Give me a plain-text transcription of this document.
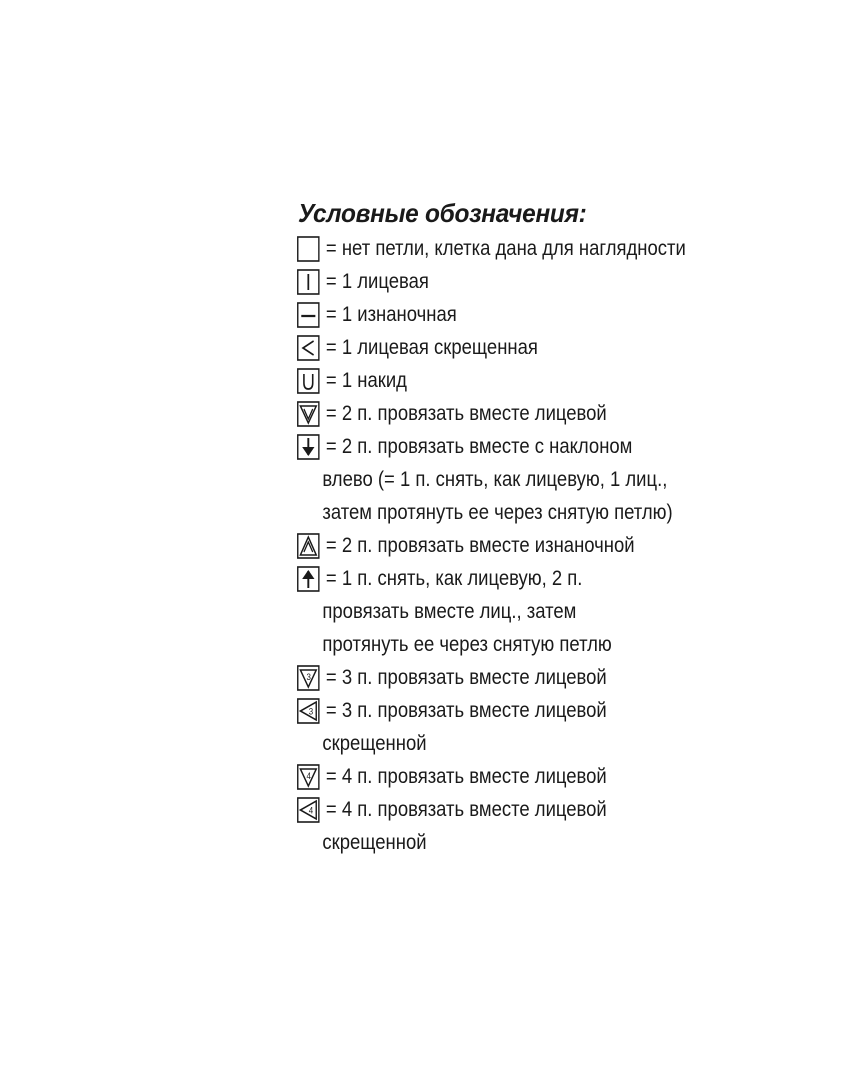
Условные обозначения:
= нет петли, клетка дана для наглядности
= 1 лицевая
= 1 изнаночная
= 1 лицевая скрещенная
= 1 накид
= 2 п. провязать вместе лицевой
= 2 п. провязать вместе с наклоном
влево (= 1 п. снять, как лицевую, 1 лиц.,
затем протянуть ее через снятую петлю)
= 2 п. провязать вместе изнаночной
= 1 п. снять, как лицевую, 2 п.
провязать вместе лиц., затем
протянуть ее через снятую петлю
3 = 3 п. провязать вместе лицевой
3 = 3 п. провязать вместе лицевой
скрещенной
4 = 4 п. провязать вместе лицевой
4 = 4 п. провязать вместе лицевой
скрещенной
